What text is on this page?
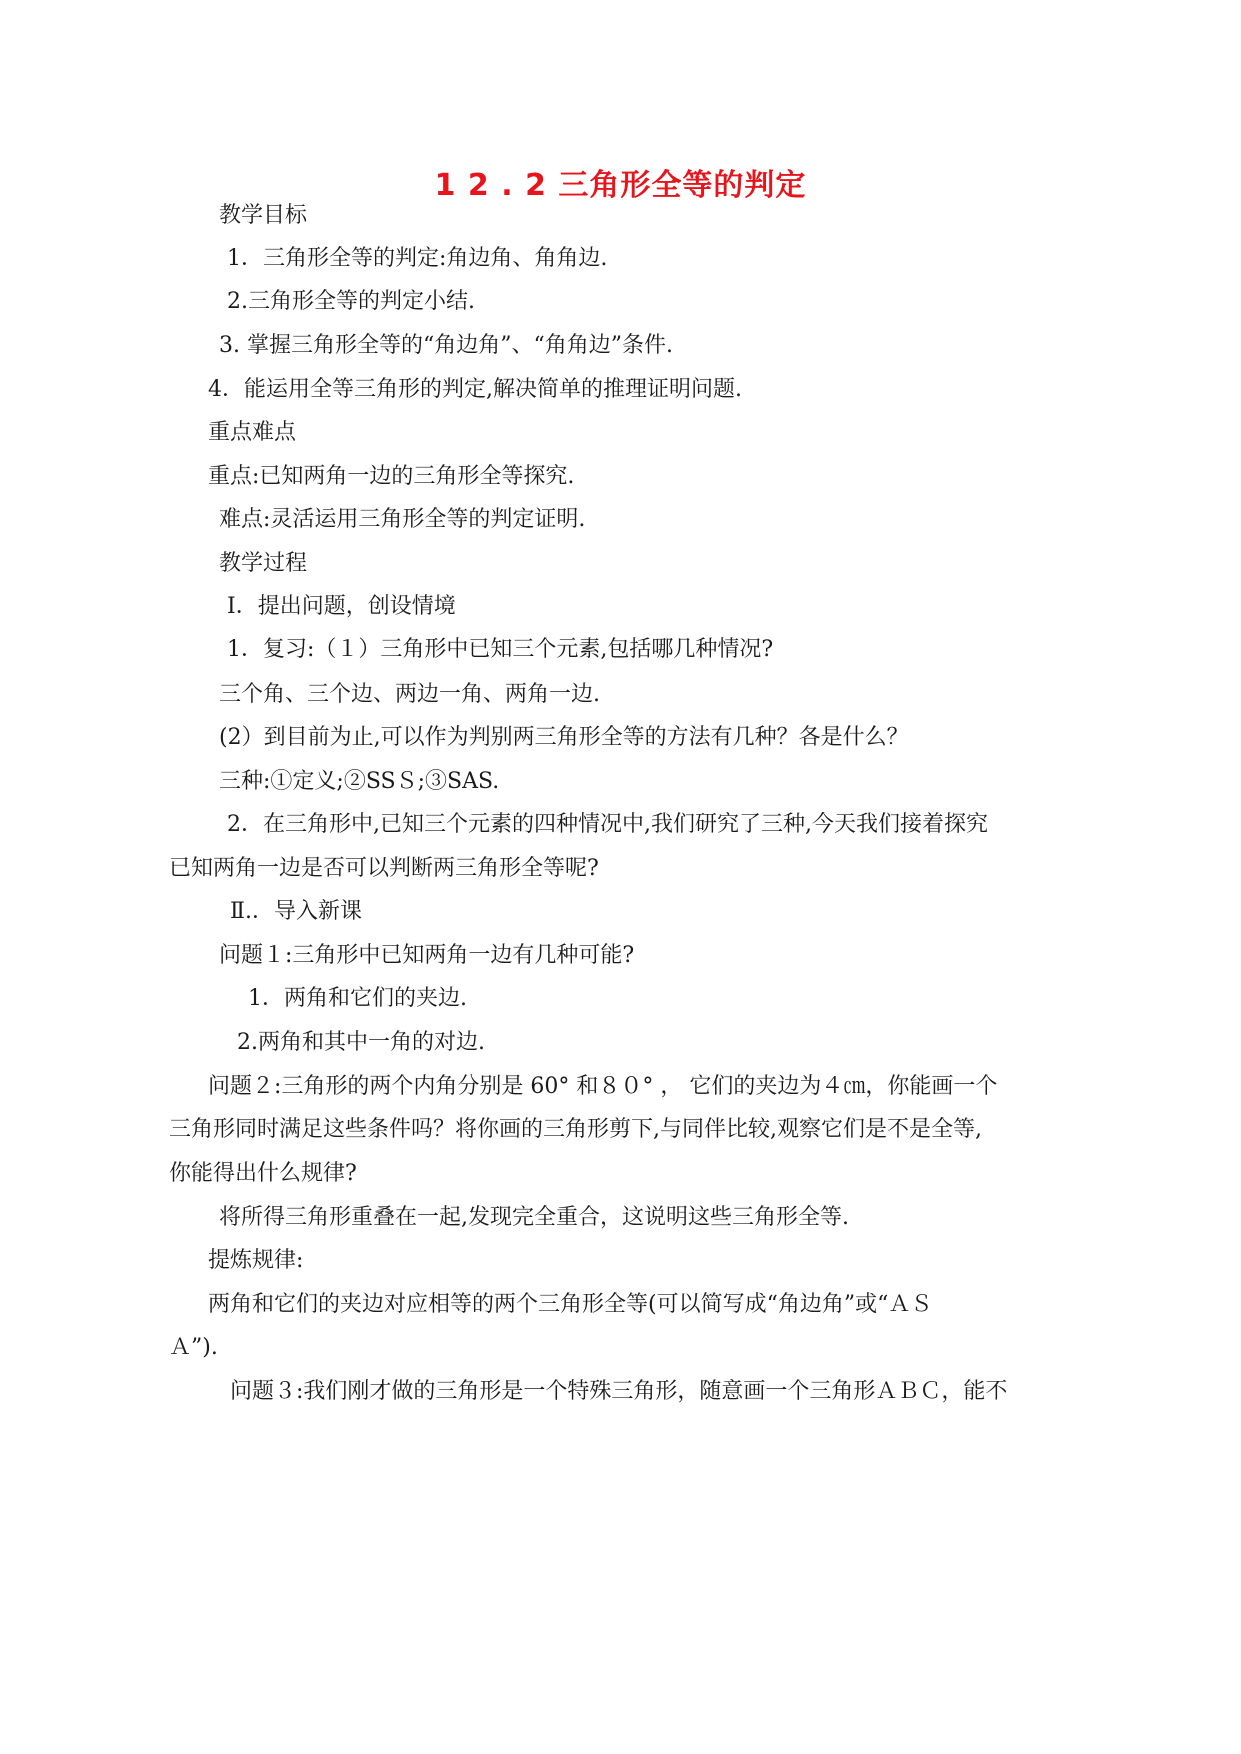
1 2 . 2 三角形全等的判定
教学目标
1．三角形全等的判定:角边角、角角边.
2.三角形全等的判定小结.
3. 掌握三角形全等的“角边角”、“角角边”条件.
4．能运用全等三角形的判定,解决简单的推理证明问题.
重点难点
重点:已知两角一边的三角形全等探究.
难点:灵活运用三角形全等的判定证明.
教学过程
Ⅰ．提出问题，创设情境
1．复习:（１）三角形中已知三个元素,包括哪几种情况?
三个角、三个边、两边一角、两角一边.
(2）到目前为止,可以作为判别两三角形全等的方法有几种？各是什么？
三种:①定义;②SSＳ;③SAS.
2．在三角形中,已知三个元素的四种情况中,我们研究了三种,今天我们接着探究
已知两角一边是否可以判断两三角形全等呢?
Ⅱ.．导入新课
问题１:三角形中已知两角一边有几种可能?
1．两角和它们的夹边.
2.两角和其中一角的对边.
问题２:三角形的两个内角分别是 60° 和８０° ， 它们的夹边为４㎝，你能画一个
三角形同时满足这些条件吗？将你画的三角形剪下,与同伴比较,观察它们是不是全等,
你能得出什么规律?
将所得三角形重叠在一起,发现完全重合，这说明这些三角形全等.
提炼规律:
两角和它们的夹边对应相等的两个三角形全等(可以简写成“角边角”或“ＡＳ
Ａ”).
问题３:我们刚才做的三角形是一个特殊三角形，随意画一个三角形ＡＢＣ，能不
